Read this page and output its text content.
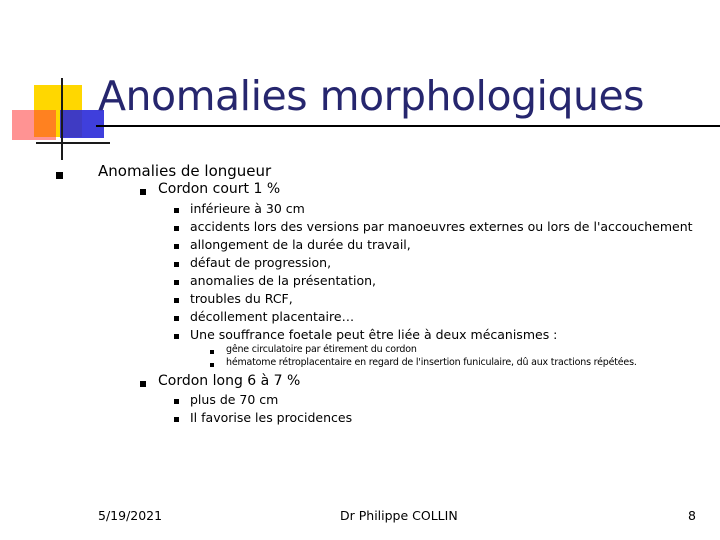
Anomalies morphologiques
Anomalies de longueur
Cordon court 1 %
inférieure à 30 cm
accidents lors des versions par manoeuvres externes ou lors de l'accouchement
allongement de la durée du travail,
défaut de progression,
anomalies de la présentation,
troubles du RCF,
décollement placentaire…
Une souffrance foetale peut être liée à deux mécanismes :
gêne circulatoire par étirement du cordon
hématome rétroplacentaire en regard de l'insertion funiculaire, dû aux tractions répétées.
Cordon long 6 à 7 %
plus de 70 cm
Il favorise les procidences
5/19/2021	Dr Philippe COLLIN	8
